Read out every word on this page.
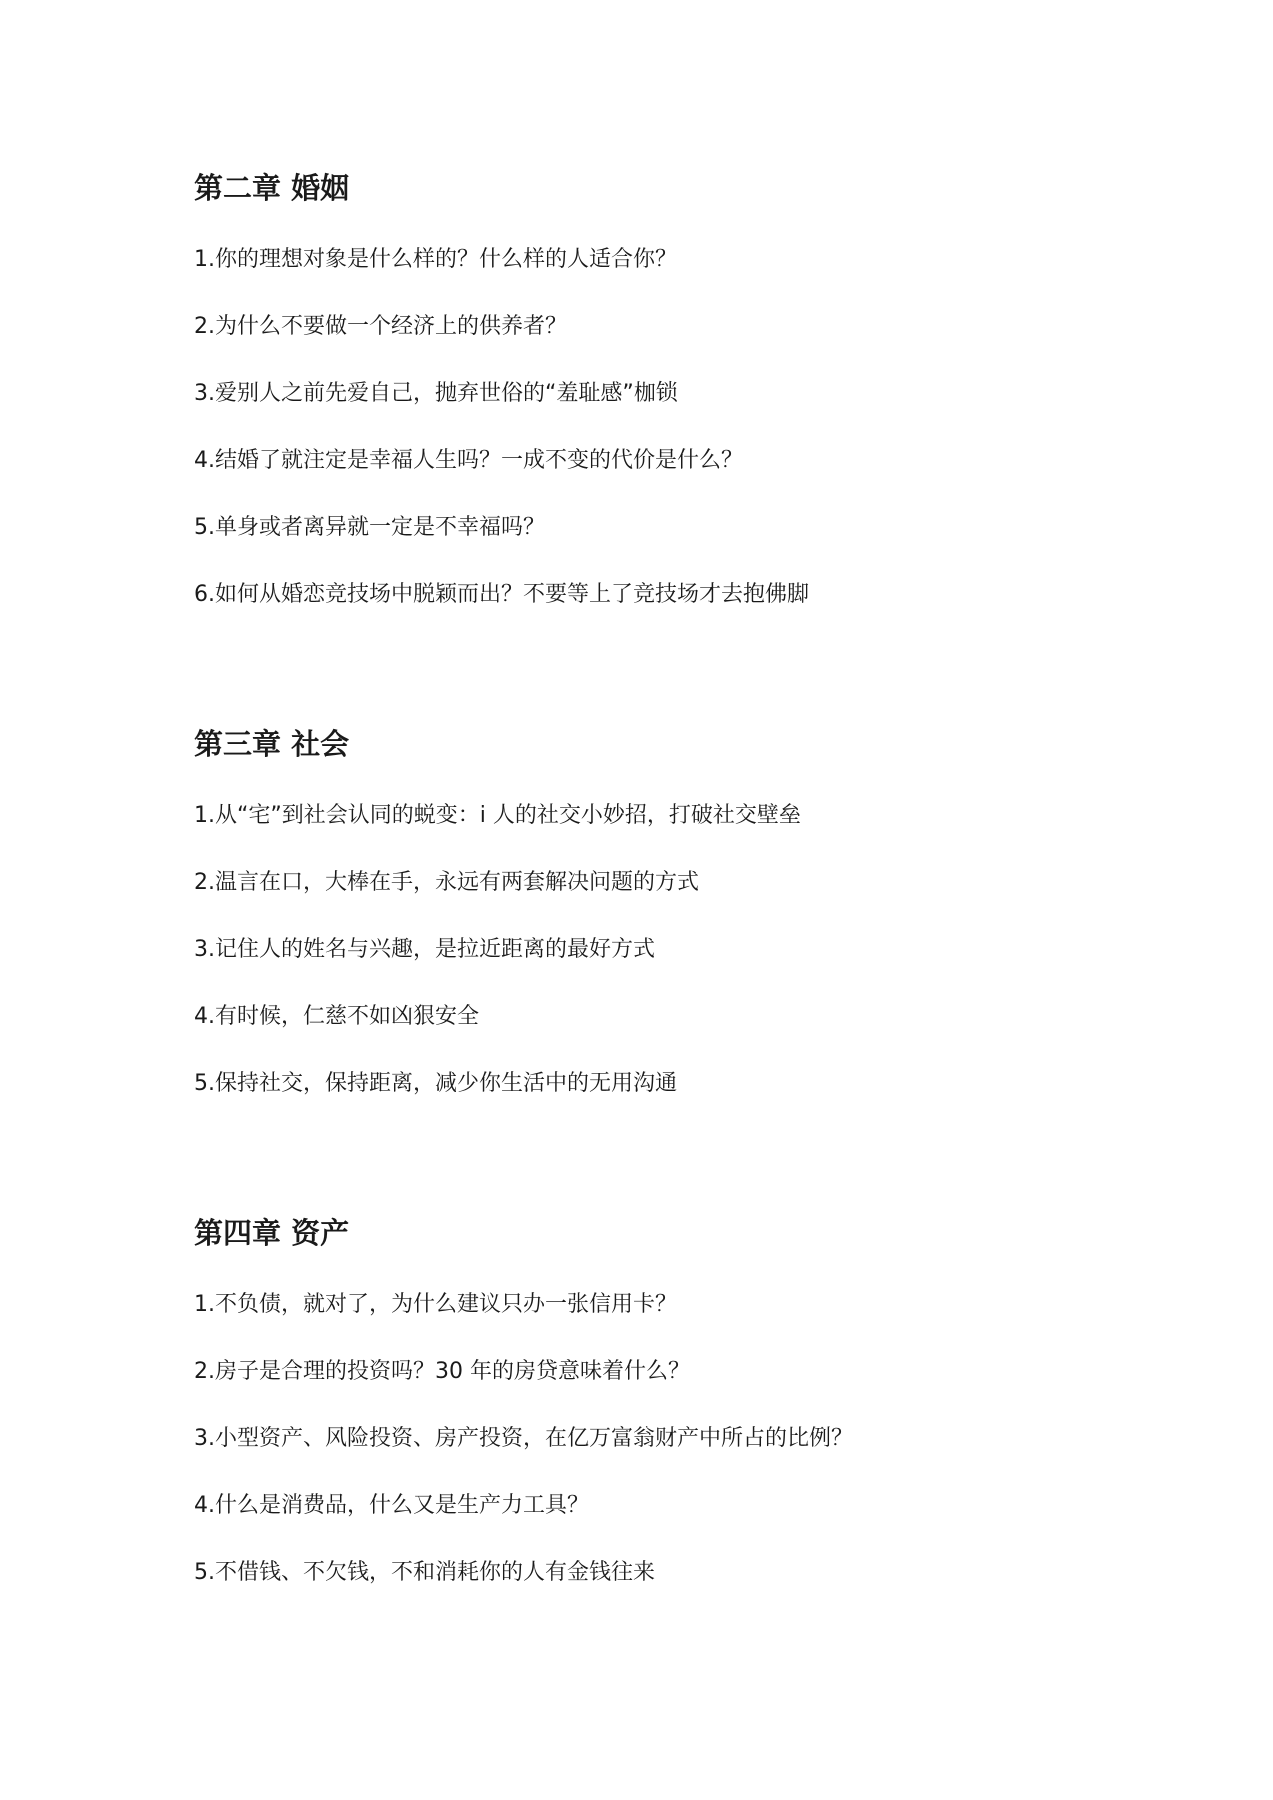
第二章 婚姻
1.你的理想对象是什么样的？什么样的人适合你？
2.为什么不要做一个经济上的供养者？
3.爱别人之前先爱自己，抛弃世俗的“羞耻感”枷锁
4.结婚了就注定是幸福人生吗？一成不变的代价是什么？
5.单身或者离异就一定是不幸福吗？
6.如何从婚恋竞技场中脱颖而出？不要等上了竞技场才去抱佛脚
第三章 社会
1.从“宅”到社会认同的蜕变：i 人的社交小妙招，打破社交壁垒
2.温言在口，大棒在手，永远有两套解决问题的方式
3.记住人的姓名与兴趣，是拉近距离的最好方式
4.有时候，仁慈不如凶狠安全
5.保持社交，保持距离，减少你生活中的无用沟通
第四章 资产
1.不负债，就对了，为什么建议只办一张信用卡？
2.房子是合理的投资吗？30 年的房贷意味着什么？
3.小型资产、风险投资、房产投资，在亿万富翁财产中所占的比例？
4.什么是消费品，什么又是生产力工具？
5.不借钱、不欠钱，不和消耗你的人有金钱往来
